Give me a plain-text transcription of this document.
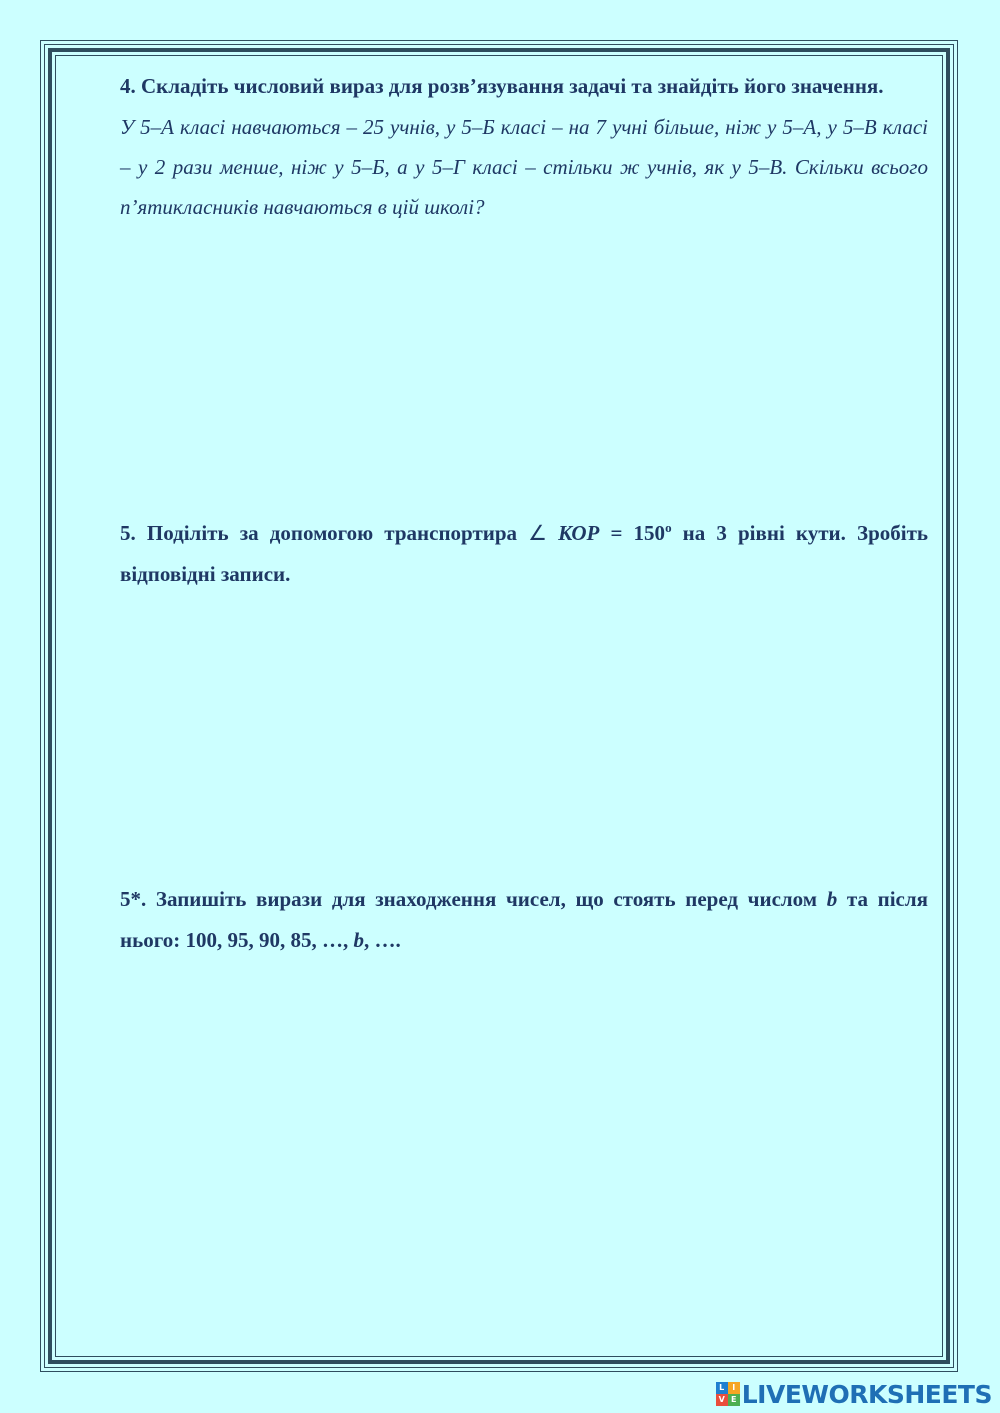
4. Складіть числовий вираз для розв’язування задачі та знайдіть його значення.

У 5–А класі навчаються – 25 учнів, у 5–Б класі – на 7 учні більше, ніж у 5–А, у 5–В класі – у 2 рази менше, ніж у 5–Б, а у 5–Г класі – стільки ж учнів, як у 5–В. Скільки всього п’ятикласників навчаються в цій школі?

5. Поділіть за допомогою транспортира ∠ КОР = $150^о$ на 3 рівні кути. Зробіть відповідні записи.

5*. Запишіть вирази для знаходження чисел, що стоять перед числом b та після нього: 100, 95, 90, 85, …, b, ….

L I
V E LIVEWORKSHEETS
